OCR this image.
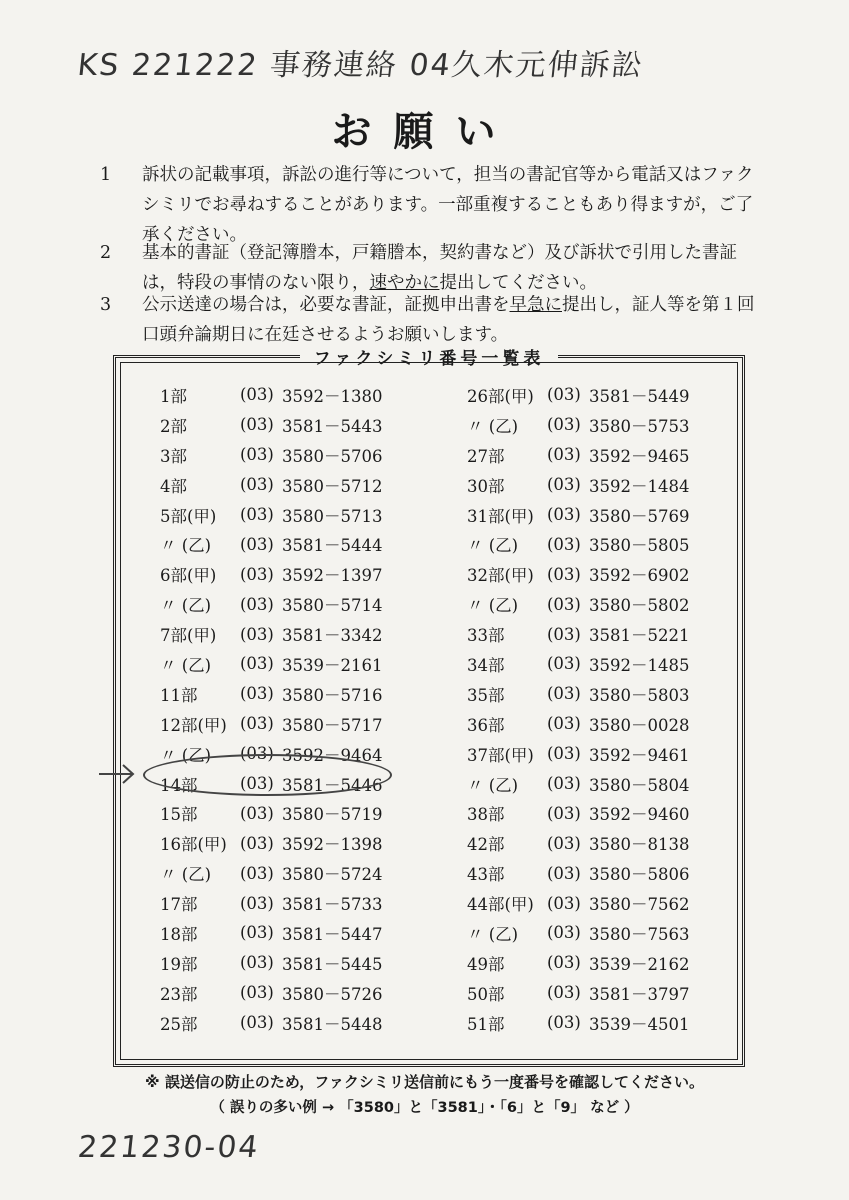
KS 221222 事務連絡 04久木元伸訴訟
お願い
1	訴状の記載事項，訴訟の進行等について，担当の書記官等から電話又はファクシミリでお尋ねすることがあります。一部重複することもあり得ますが，ご了承ください。
2	基本的書証（登記簿謄本，戸籍謄本，契約書など）及び訴状で引用した書証は，特段の事情のない限り，速やかに提出してください。
3	公示送達の場合は，必要な書証，証拠申出書を早急に提出し，証人等を第１回口頭弁論期日に在廷させるようお願いします。
ファクシミリ番号一覧表
1部	(03) 3592－1380
2部	(03) 3581－5443
3部	(03) 3580－5706
4部	(03) 3580－5712
5部(甲)	(03) 3580－5713
〃 (乙)	(03) 3581－5444
6部(甲)	(03) 3592－1397
〃 (乙)	(03) 3580－5714
7部(甲)	(03) 3581－3342
〃 (乙)	(03) 3539－2161
11部	(03) 3580－5716
12部(甲) (03) 3580－5717
〃 (乙)	(03) 3592－9464
14部	(03) 3581－5446
15部	(03) 3580－5719
16部(甲) (03) 3592－1398
〃 (乙)	(03) 3580－5724
17部	(03) 3581－5733
18部	(03) 3581－5447
19部	(03) 3581－5445
23部	(03) 3580－5726
25部	(03) 3581－5448
26部(甲) (03) 3581－5449
〃 (乙)	(03) 3580－5753
27部	(03) 3592－9465
30部	(03) 3592－1484
31部(甲) (03) 3580－5769
〃 (乙)	(03) 3580－5805
32部(甲) (03) 3592－6902
〃 (乙)	(03) 3580－5802
33部	(03) 3581－5221
34部	(03) 3592－1485
35部	(03) 3580－5803
36部	(03) 3580－0028
37部(甲) (03) 3592－9461
〃 (乙)	(03) 3580－5804
38部	(03) 3592－9460
42部	(03) 3580－8138
43部	(03) 3580－5806
44部(甲) (03) 3580－7562
〃 (乙)	(03) 3580－7563
49部	(03) 3539－2162
50部	(03) 3581－3797
51部	(03) 3539－4501
※ 誤送信の防止のため，ファクシミリ送信前にもう一度番号を確認してください。
（ 誤りの多い例 → 「3580」と「3581」・「6」と「9」 など ）
221230-04
